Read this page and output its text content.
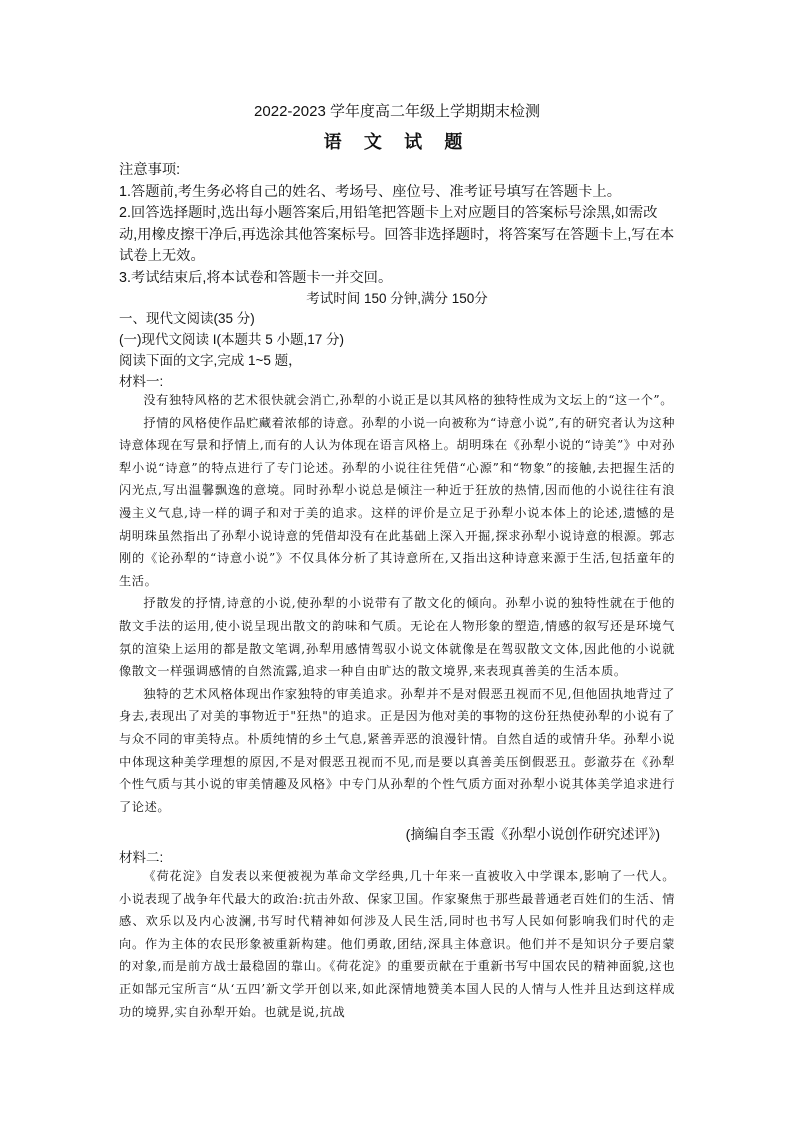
2022-2023 学年度高二年级上学期期末检测
语 文 试 题

注意事项:

1.答题前,考生务必将自己的姓名、考场号、座位号、准考证号填写在答题卡上。

2.回答选择题时,选出每小题答案后,用铅笔把答题卡上对应题目的答案标号涂黑,如需改动,用橡皮擦干净后,再选涂其他答案标号。回答非选择题时，将答案写在答题卡上,写在本试卷上无效。

3.考试结束后,将本试卷和答题卡一并交回。

考试时间 150 分钟,满分 150分
一、现代文阅读(35 分)
(一)现代文阅读 I(本题共 5 小题,17 分)
阅读下面的文字,完成 1~5 题，
材料一:

没有独特风格的艺术很快就会消亡,孙犁的小说正是以其风格的独特性成为文坛上的“这一个”。

抒情的风格使作品贮藏着浓郁的诗意。孙犁的小说一向被称为“诗意小说”,有的研究者认为这种诗意体现在写景和抒情上,而有的人认为体现在语言风格上。胡明珠在《孙犁小说的“诗美”》中对孙犁小说“诗意”的特点进行了专门论述。孙犁的小说往往凭借“心源”和“物象”的接触,去把握生活的闪光点,写出温馨飘逸的意境。同时孙犁小说总是倾注一种近于狂放的热情,因而他的小说往往有浪漫主义气息,诗一样的调子和对于美的追求。这样的评价是立足于孙犁小说本体上的论述,遗憾的是胡明珠虽然指出了孙犁小说诗意的凭借却没有在此基础上深入开掘,探求孙犁小说诗意的根源。郭志刚的《论孙犁的“诗意小说”》不仅具体分析了其诗意所在,又指出这种诗意来源于生活,包括童年的生活。

抒散发的抒情,诗意的小说,使孙犁的小说带有了散文化的倾向。孙犁小说的独特性就在于他的散文手法的运用,使小说呈现出散文的韵味和气质。无论在人物形象的塑造,情感的叙写还是环境气氛的渲染上运用的都是散文笔调,孙犁用感情驾驭小说文体就像是在驾驭散文文体,因此他的小说就像散文一样强调感情的自然流露,追求一种自由旷达的散文境界,来表现真善美的生活本质。

独特的艺术风格体现出作家独特的审美追求。孙犁并不是对假恶丑视而不见,但他固执地背过了身去,表现出了对美的事物近于"狂热"的追求。正是因为他对美的事物的这份狂热使孙犁的小说有了与众不同的审美特点。朴质纯情的乡土气息,紧善弄恶的浪漫针情。自然自适的或情升华。孙犁小说中体现这种美学理想的原因,不是对假恶丑视而不见,而是要以真善美压倒假恶丑。彭澈芬在《孙犁个性气质与其小说的审美情趣及风格》中专门从孙犁的个性气质方面对孙犁小说其体美学追求进行了论述。

(摘编自李玉霞《孙犁小说创作研究述评》)
材料二:

《荷花淀》自发表以来便被视为革命文学经典,几十年来一直被收入中学课本,影响了一代人。小说表现了战争年代最大的政治:抗击外敌、保家卫国。作家聚焦于那些最普通老百姓们的生活、情感、欢乐以及内心波澜,书写时代精神如何涉及人民生活,同时也书写人民如何影响我们时代的走向。作为主体的农民形象被重新构建。他们勇敢,团结,深具主体意识。他们并不是知识分子要启蒙的对象,而是前方战士最稳固的靠山。《荷花淀》的重要贡献在于重新书写中国农民的精神面貌,这也正如郜元宝所言“从‘五四’新文学开创以来,如此深情地赞美本国人民的人情与人性并且达到这样成功的境界,实自孙犁开始。也就是说,抗战
